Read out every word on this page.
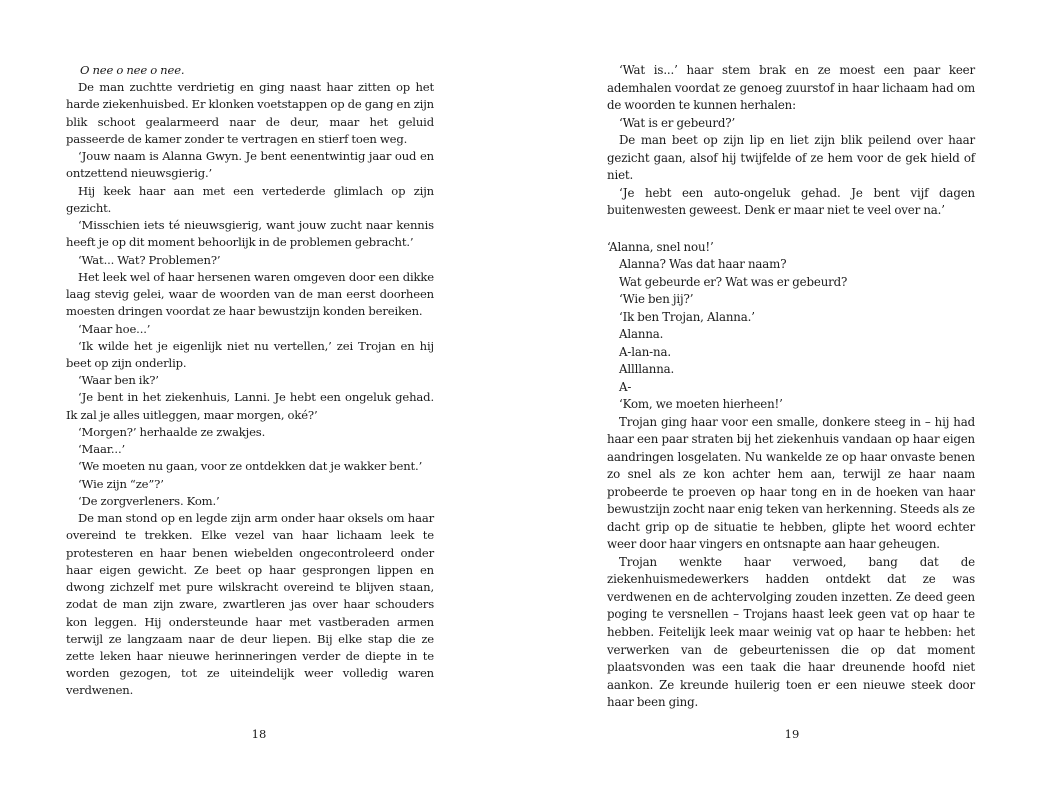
O nee o nee o nee.

De man zuchtte verdrietig en ging naast haar zitten op het harde ziekenhuisbed. Er klonken voetstappen op de gang en zijn blik schoot gealarmeerd naar de deur, maar het geluid passeerde de kamer zonder te vertragen en stierf toen weg.

‘Jouw naam is Alanna Gwyn. Je bent eenentwintig jaar oud en ontzettend nieuwsgierig.’

Hij keek haar aan met een vertederde glimlach op zijn gezicht.

‘Misschien iets té nieuwsgierig, want jouw zucht naar kennis heeft je op dit moment behoorlijk in de problemen gebracht.’

‘Wat... Wat? Problemen?’

Het leek wel of haar hersenen waren omgeven door een dikke laag stevig gelei, waar de woorden van de man eerst doorheen moesten dringen voordat ze haar bewustzijn konden bereiken.

‘Maar hoe...’

‘Ik wilde het je eigenlijk niet nu vertellen,’ zei Trojan en hij beet op zijn onderlip.

‘Waar ben ik?’

‘Je bent in het ziekenhuis, Lanni. Je hebt een ongeluk gehad. Ik zal je alles uitleggen, maar morgen, oké?’

‘Morgen?’ herhaalde ze zwakjes.

‘Maar...’

‘We moeten nu gaan, voor ze ontdekken dat je wakker bent.’

‘Wie zijn “ze”?’

‘De zorgverleners. Kom.’

De man stond op en legde zijn arm onder haar oksels om haar overeind te trekken. Elke vezel van haar lichaam leek te protesteren en haar benen wiebelden ongecontroleerd onder haar eigen gewicht. Ze beet op haar gesprongen lippen en dwong zichzelf met pure wilskracht overeind te blijven staan, zodat de man zijn zware, zwartleren jas over haar schouders kon leggen. Hij ondersteunde haar met vastberaden armen terwijl ze langzaam naar de deur liepen. Bij elke stap die ze zette leken haar nieuwe herinneringen verder de diepte in te worden gezogen, tot ze uiteindelijk weer volledig waren verdwenen.

18

‘Wat is...’ haar stem brak en ze moest een paar keer ademhalen voordat ze genoeg zuurstof in haar lichaam had om de woorden te kunnen herhalen:

‘Wat is er gebeurd?’

De man beet op zijn lip en liet zijn blik peilend over haar gezicht gaan, alsof hij twijfelde of ze hem voor de gek hield of niet.

‘Je hebt een auto-ongeluk gehad. Je bent vijf dagen buitenwesten geweest. Denk er maar niet te veel over na.’

‘Alanna, snel nou!’

Alanna? Was dat haar naam?

Wat gebeurde er? Wat was er gebeurd?

‘Wie ben jij?’

‘Ik ben Trojan, Alanna.’

Alanna.

A-lan-na.

Allllanna.

A-

‘Kom, we moeten hierheen!’

Trojan ging haar voor een smalle, donkere steeg in – hij had haar een paar straten bij het ziekenhuis vandaan op haar eigen aandringen losgelaten. Nu wankelde ze op haar onvaste benen zo snel als ze kon achter hem aan, terwijl ze haar naam probeerde te proeven op haar tong en in de hoeken van haar bewustzijn zocht naar enig teken van herkenning. Steeds als ze dacht grip op de situatie te hebben, glipte het woord echter weer door haar vingers en ontsnapte aan haar geheugen.

Trojan wenkte haar verwoed, bang dat de ziekenhuismedewerkers hadden ontdekt dat ze was verdwenen en de achtervolging zouden inzetten. Ze deed geen poging te versnellen – Trojans haast leek geen vat op haar te hebben. Feitelijk leek maar weinig vat op haar te hebben: het verwerken van de gebeurtenissen die op dat moment plaatsvonden was een taak die haar dreunende hoofd niet aankon. Ze kreunde huilerig toen er een nieuwe steek door haar been ging.

19
